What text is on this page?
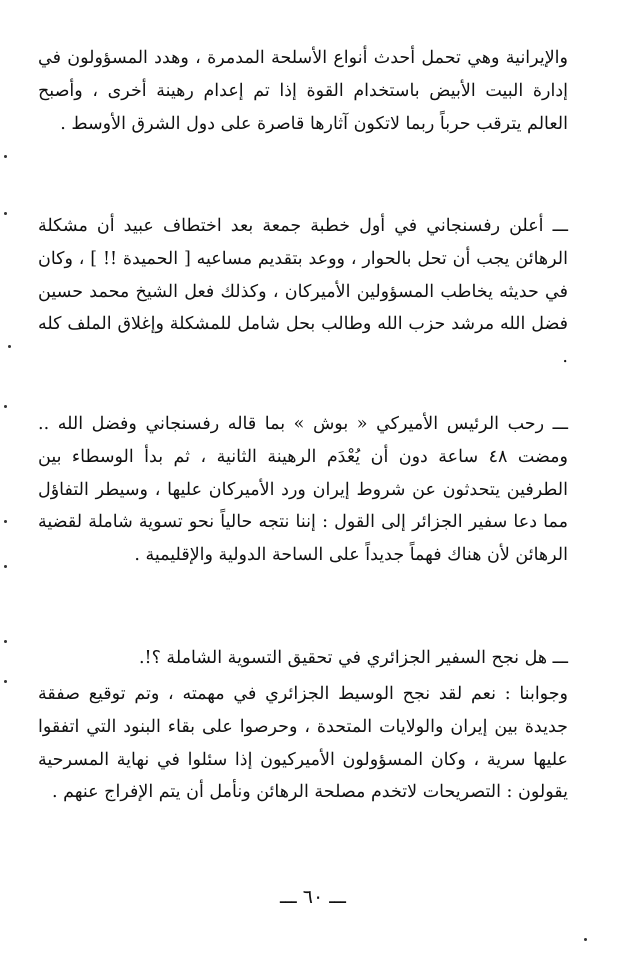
والإيرانية وهي تحمل أحدث أنواع الأسلحة المدمرة ، وهدد المسؤولون في إدارة البيت الأبيض باستخدام القوة إذا تم إعدام رهينة أخرى ، وأصبح العالم يترقب حرباً ربما لاتكون آثارها قاصرة على دول الشرق الأوسط .

ـــ أعلن رفسنجاني في أول خطبة جمعة بعد اختطاف عبيد أن مشكلة الرهائن يجب أن تحل بالحوار ، ووعد بتقديم مساعيه [ الحميدة !! ] ، وكان في حديثه يخاطب المسؤولين الأميركان ، وكذلك فعل الشيخ محمد حسين فضل الله مرشد حزب الله وطالب بحل شامل للمشكلة وإغلاق الملف كله .

ـــ رحب الرئيس الأميركي « بوش » بما قاله رفسنجاني وفضل الله .. ومضت ٤٨ ساعة دون أن يُعْدَم الرهينة الثانية ، ثم بدأ الوسطاء بين الطرفين يتحدثون عن شروط إيران ورد الأميركان عليها ، وسيطر التفاؤل مما دعا سفير الجزائر إلى القول : إننا نتجه حالياً نحو تسوية شاملة لقضية الرهائن لأن هناك فهماً جديداً على الساحة الدولية والإقليمية .

ـــ هل نجح السفير الجزائري في تحقيق التسوية الشاملة ؟!.

وجوابنا : نعم لقد نجح الوسيط الجزائري في مهمته ، وتم توقيع صفقة جديدة بين إيران والولايات المتحدة ، وحرصوا على بقاء البنود التي اتفقوا عليها سرية ، وكان المسؤولون الأميركيون إذا سئلوا في نهاية المسرحية يقولون : التصريحات لاتخدم مصلحة الرهائن ونأمل أن يتم الإفراج عنهم .

ـــ ٦٠ ـــ
